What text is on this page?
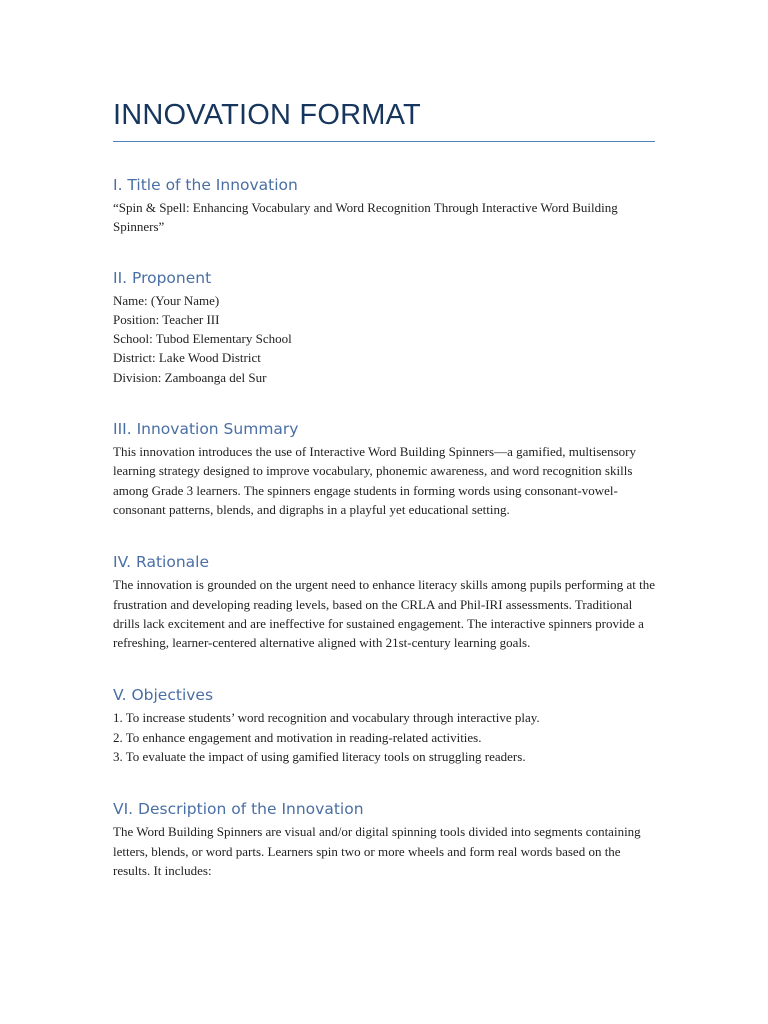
INNOVATION FORMAT
I. Title of the Innovation

“Spin & Spell: Enhancing Vocabulary and Word Recognition Through Interactive Word Building Spinners”

II. Proponent
Name: (Your Name)
Position: Teacher III
School: Tubod Elementary School
District: Lake Wood District
Division: Zamboanga del Sur
III. Innovation Summary

This innovation introduces the use of Interactive Word Building Spinners—a gamified, multisensory learning strategy designed to improve vocabulary, phonemic awareness, and word recognition skills among Grade 3 learners. The spinners engage students in forming words using consonant-vowel-consonant patterns, blends, and digraphs in a playful yet educational setting.

IV. Rationale

The innovation is grounded on the urgent need to enhance literacy skills among pupils performing at the frustration and developing reading levels, based on the CRLA and Phil-IRI assessments. Traditional drills lack excitement and are ineffective for sustained engagement. The interactive spinners provide a refreshing, learner-centered alternative aligned with 21st-century learning goals.

V. Objectives
1. To increase students’ word recognition and vocabulary through interactive play.
2. To enhance engagement and motivation in reading-related activities.
3. To evaluate the impact of using gamified literacy tools on struggling readers.
VI. Description of the Innovation

The Word Building Spinners are visual and/or digital spinning tools divided into segments containing letters, blends, or word parts. Learners spin two or more wheels and form real words based on the results. It includes:
